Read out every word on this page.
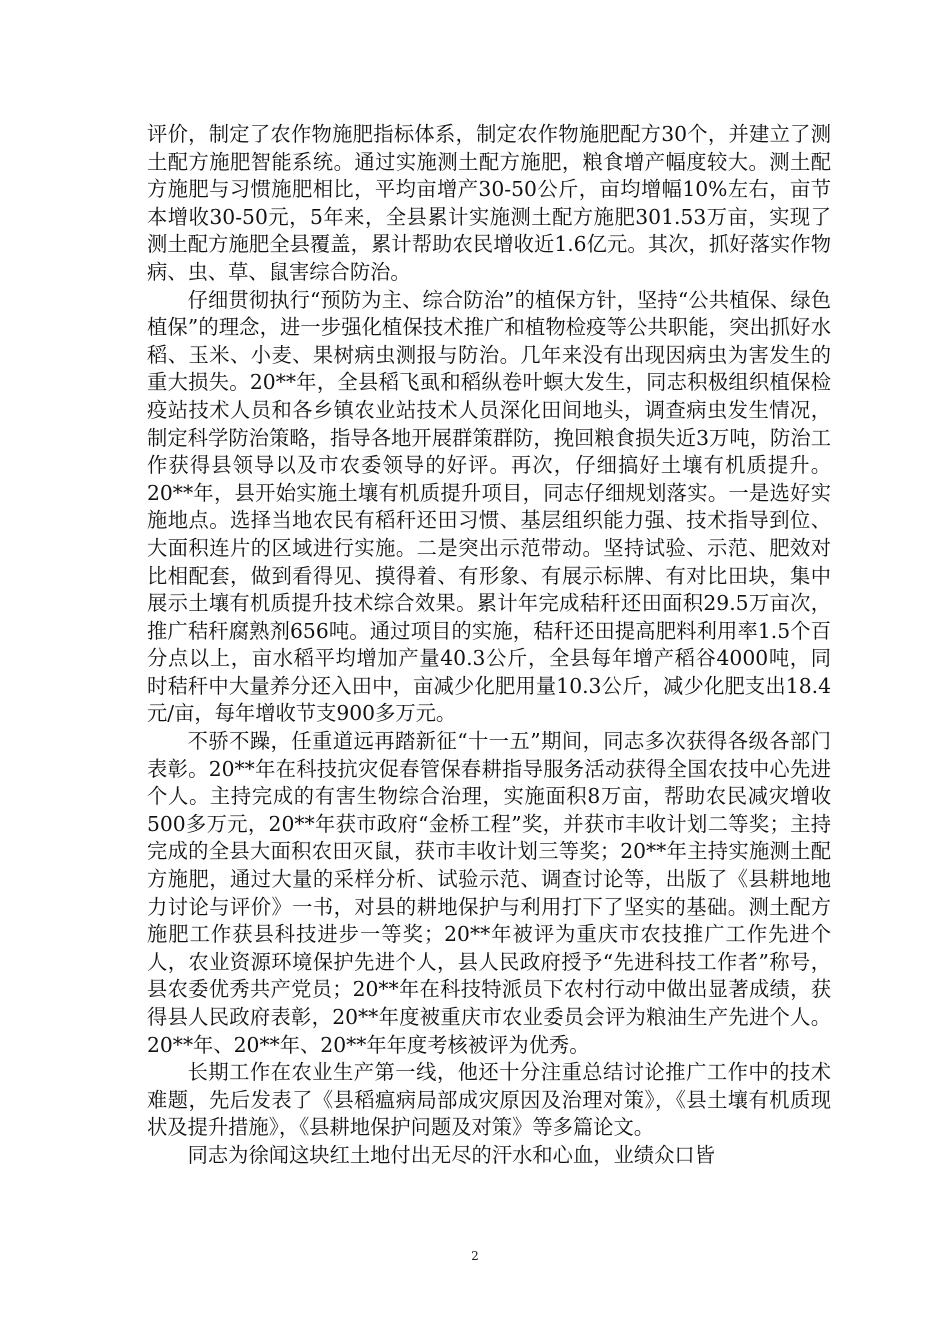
评价，制定了农作物施肥指标体系，制定农作物施肥配方30个，并建立了测土配方施肥智能系统。通过实施测土配方施肥，粮食增产幅度较大。测土配方施肥与习惯施肥相比，平均亩增产30-50公斤，亩均增幅10%左右，亩节本增收30-50元，5年来，全县累计实施测土配方施肥301.53万亩，实现了测土配方施肥全县覆盖，累计帮助农民增收近1.6亿元。其次，抓好落实作物病、虫、草、鼠害综合防治。

仔细贯彻执行“预防为主、综合防治”的植保方针，坚持“公共植保、绿色植保”的理念，进一步强化植保技术推广和植物检疫等公共职能，突出抓好水稻、玉米、小麦、果树病虫测报与防治。几年来没有出现因病虫为害发生的重大损失。20**年，全县稻飞虱和稻纵卷叶螟大发生，同志积极组织植保检疫站技术人员和各乡镇农业站技术人员深化田间地头，调查病虫发生情况，制定科学防治策略，指导各地开展群策群防，挽回粮食损失近3万吨，防治工作获得县领导以及市农委领导的好评。再次，仔细搞好土壤有机质提升。20**年，县开始实施土壤有机质提升项目，同志仔细规划落实。一是选好实施地点。选择当地农民有稻秆还田习惯、基层组织能力强、技术指导到位、大面积连片的区域进行实施。二是突出示范带动。坚持试验、示范、肥效对比相配套，做到看得见、摸得着、有形象、有展示标牌、有对比田块，集中展示土壤有机质提升技术综合效果。累计年完成秸秆还田面积29.5万亩次，推广秸秆腐熟剂656吨。通过项目的实施，秸秆还田提高肥料利用率1.5个百分点以上，亩水稻平均增加产量40.3公斤，全县每年增产稻谷4000吨，同时秸秆中大量养分还入田中，亩减少化肥用量10.3公斤，减少化肥支出18.4元/亩，每年增收节支900多万元。

不骄不躁，任重道远再踏新征“十一五”期间，同志多次获得各级各部门表彰。20**年在科技抗灾促春管保春耕指导服务活动获得全国农技中心先进个人。主持完成的有害生物综合治理，实施面积8万亩，帮助农民减灾增收500多万元，20**年获市政府“金桥工程”奖，并获市丰收计划二等奖；主持完成的全县大面积农田灭鼠，获市丰收计划三等奖；20**年主持实施测土配方施肥，通过大量的采样分析、试验示范、调查讨论等，出版了《县耕地地力讨论与评价》一书，对县的耕地保护与利用打下了坚实的基础。测土配方施肥工作获县科技进步一等奖；20**年被评为重庆市农技推广工作先进个人，农业资源环境保护先进个人，县人民政府授予“先进科技工作者”称号，县农委优秀共产党员；20**年在科技特派员下农村行动中做出显著成绩，获得县人民政府表彰，20**年度被重庆市农业委员会评为粮油生产先进个人。20**年、20**年、20**年年度考核被评为优秀。

长期工作在农业生产第一线，他还十分注重总结讨论推广工作中的技术难题，先后发表了《县稻瘟病局部成灾原因及治理对策》，《县土壤有机质现状及提升措施》，《县耕地保护问题及对策》等多篇论文。

同志为徐闻这块红土地付出无尽的汗水和心血，业绩众口皆

2
